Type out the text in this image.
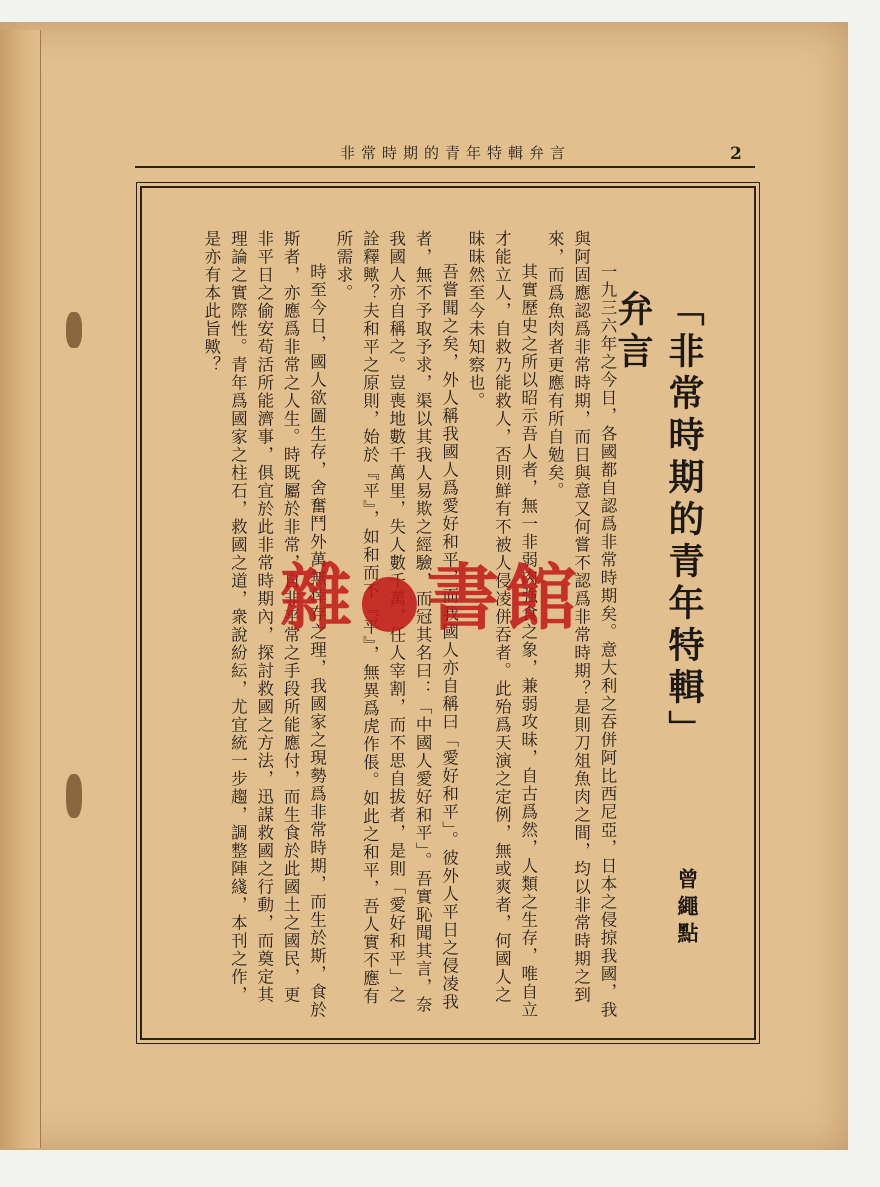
非常時期的青年特輯弁言	2
「非常時期的青年特輯」弁言
曾繩點

一九三六年之今日，各國都自認爲非常時期矣。意大利之吞併阿比西尼亞，日本之侵掠我國，我與阿固應認爲非常時期，而日與意又何嘗不認爲非常時期？是則刀俎魚肉之間，均以非常時期之到來，而爲魚肉者更應有所自勉矣。

其實歷史之所以昭示吾人者，無一非弱肉強食之象，兼弱攻昧，自古爲然，人類之生存，唯自立才能立人，自救乃能救人，否則鮮有不被人侵凌併吞者。此殆爲天演之定例，無或爽者，何國人之昧昧然至今未知察也。

吾嘗聞之矣，外人稱我國人爲愛好和平，而我國人亦自稱曰「愛好和平」。彼外人平日之侵凌我者，無不予取予求，渠以其我人易欺之經驗，而冠其名曰：「中國人愛好和平」。吾實恥聞其言，奈我國人亦自稱之。豈喪地數千萬里，失人數千萬，任人宰割，而不思自拔者，是則「愛好和平」之詮釋歟？夫和平之原則，始於『平』，如和而不『平』，無異爲虎作倀。如此之和平，吾人實不應有所需求。

時至今日，國人欲圖生存，舍奮鬥外萬無倖存之理，我國家之現勢爲非常時期，而生於斯，食於斯者，亦應爲非常之人生。時既屬於非常，自非平常之手段所能應付，而生食於此國土之國民，更非平日之偷安苟活所能濟事，俱宜於此非常時期內，探討救國之方法，迅謀救國之行動，而奠定其理論之實際性。青年爲國家之柱石，救國之道，衆說紛紜，尤宜統一步趨，調整陣綫，本刊之作，是亦有本此旨歟？

雜●書館
